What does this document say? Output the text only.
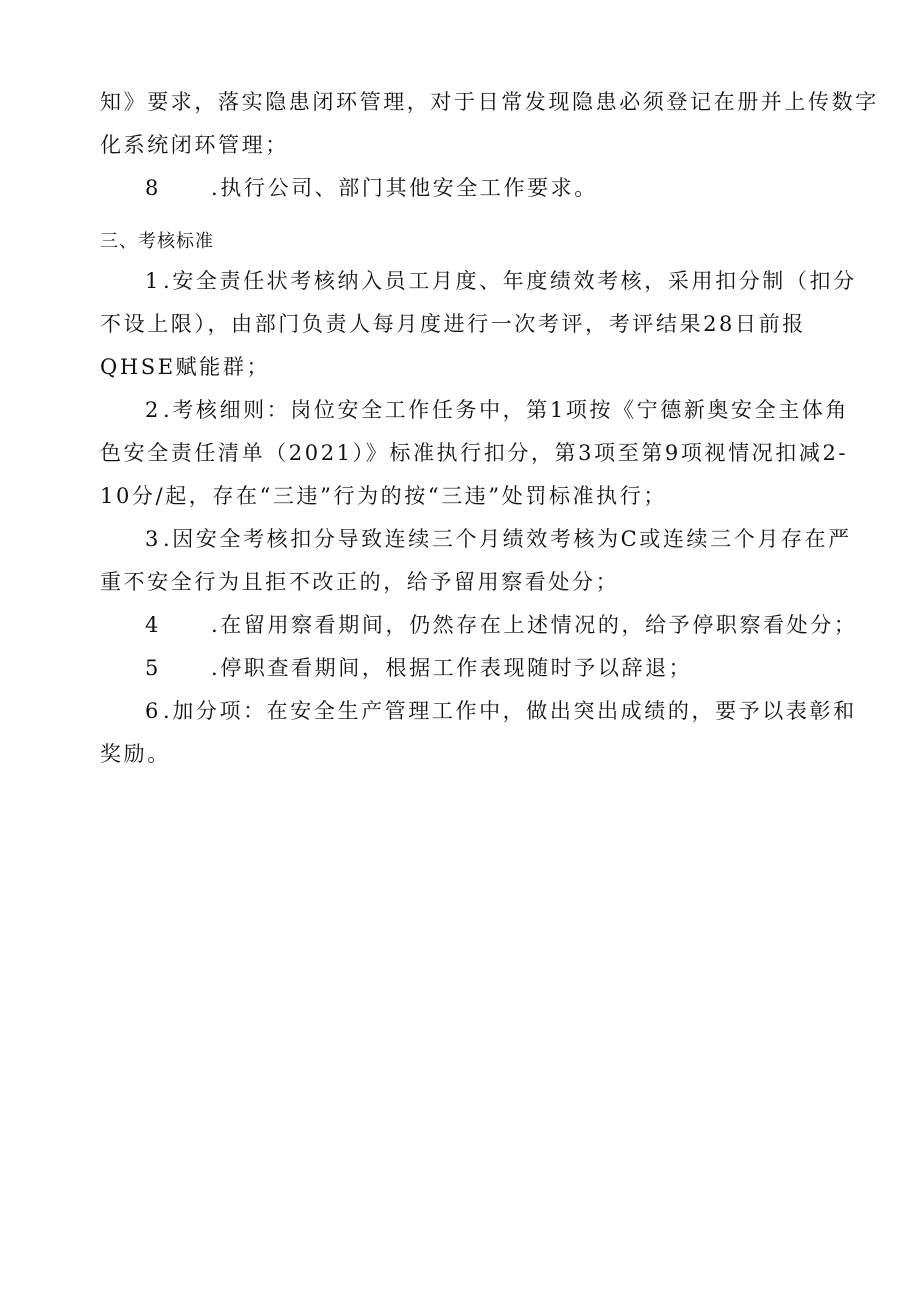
知》要求，落实隐患闭环管理，对于日常发现隐患必须登记在册并上传数字
化系统闭环管理；
8 .执行公司、部门其他安全工作要求。
三、考核标准
1.安全责任状考核纳入员工月度、年度绩效考核，采用扣分制（扣分
不设上限），由部门负责人每月度进行一次考评，考评结果28日前报
QHSE赋能群；
2.考核细则：岗位安全工作任务中，第1项按《宁德新奥安全主体角
色安全责任清单（2021）》标准执行扣分，第3项至第9项视情况扣减2-
10分/起，存在“三违”行为的按“三违”处罚标准执行；
3.因安全考核扣分导致连续三个月绩效考核为C或连续三个月存在严
重不安全行为且拒不改正的，给予留用察看处分；
4 .在留用察看期间，仍然存在上述情况的，给予停职察看处分；
5 .停职查看期间，根据工作表现随时予以辞退；
6.加分项：在安全生产管理工作中，做出突出成绩的，要予以表彰和
奖励。
